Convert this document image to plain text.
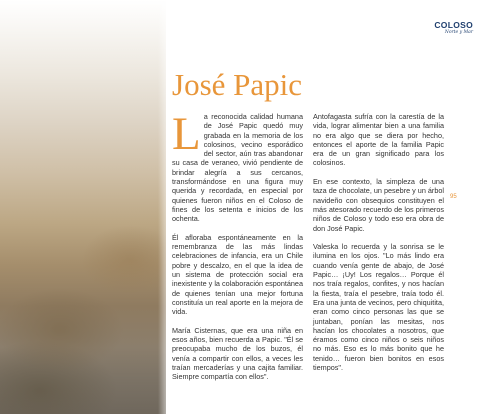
COLOSO
Norte y Mar
José Papic

La reconocida calidad humana de José Papic quedó muy grabada en la memoria de los colosinos, vecino esporádico del sector, aún tras abandonar su casa de veraneo, vivió pendiente de brindar alegría a sus cercanos, transformándose en una figura muy querida y recordada, en especial por quienes fueron niños en el Coloso de fines de los setenta e inicios de los ochenta.

Él afloraba espontáneamente en la remembranza de las más lindas celebraciones de infancia, era un Chile pobre y descalzo, en el que la idea de un sistema de protección social era inexistente y la colaboración espontánea de quienes tenían una mejor fortuna constituía un real aporte en la mejora de vida.

María Cisternas, que era una niña en esos años, bien recuerda a Papic. "Él se preocupaba mucho de los buzos, él venía a compartir con ellos, a veces les traían mercaderías y una cajita familiar. Siempre compartía con ellos".

Antofagasta sufría con la carestía de la vida, lograr alimentar bien a una familia no era algo que se diera por hecho, entonces el aporte de la familia Papic era de un gran significado para los colosinos.

En ese contexto, la simpleza de una taza de chocolate, un pesebre y un árbol navideño con obsequios constituyen el más atesorado recuerdo de los primeros niños de Coloso y todo eso era obra de don José Papic.

Valeska lo recuerda y la sonrisa se le ilumina en los ojos. "Lo más lindo era cuando venía gente de abajo, de José Papic… ¡Uy! Los regalos… Porque él nos traía regalos, confites, y nos hacían la fiesta, traía el pesebre, traía todo él. Era una junta de vecinos, pero chiquitita, eran como cinco personas las que se juntaban, ponían las mesitas, nos hacían los chocolates a nosotros, que éramos como cinco niños o seis niños no más. Eso es lo más bonito que he tenido… fueron bien bonitos en esos tiempos".

95
